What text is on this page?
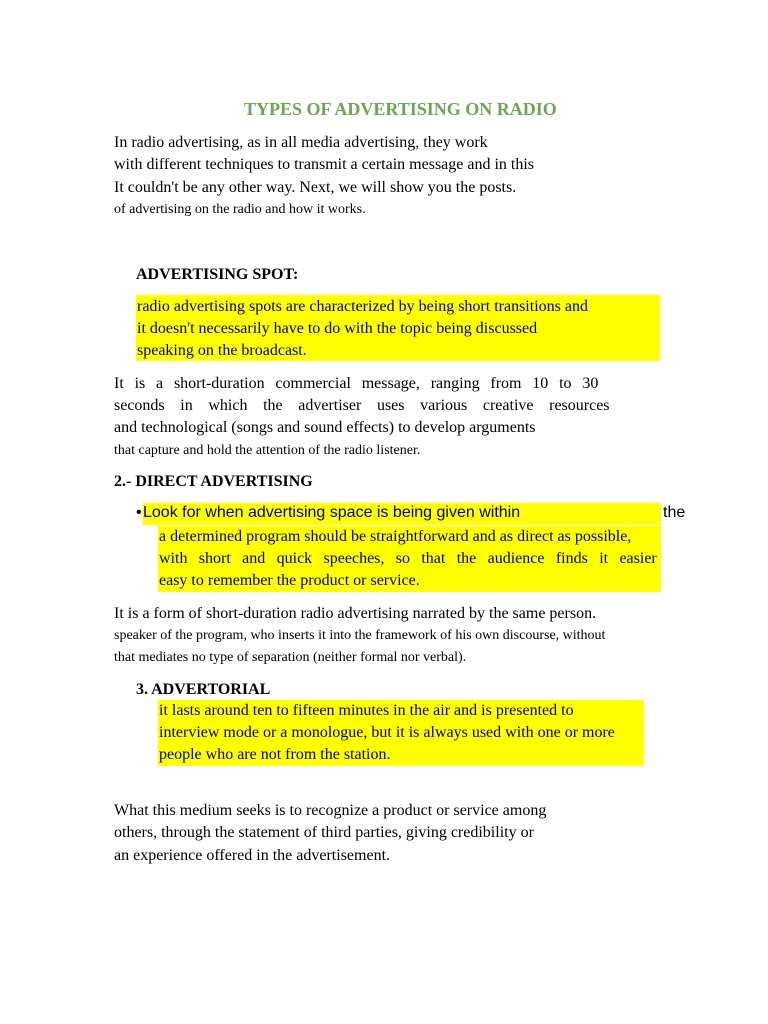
TYPES OF ADVERTISING ON RADIO
In radio advertising, as in all media advertising, they work
with different techniques to transmit a certain message and in this
It couldn't be any other way. Next, we will show you the posts.
of advertising on the radio and how it works.
ADVERTISING SPOT:
radio advertising spots are characterized by being short transitions and
it doesn't necessarily have to do with the topic being discussed
speaking on the broadcast.
It is a short-duration commercial message, ranging from 10 to 30
seconds in which the advertiser uses various creative resources
and technological (songs and sound effects) to develop arguments
that capture and hold the attention of the radio listener.
2.- DIRECT ADVERTISING
• Look for when advertising space is being given within	the
a determined program should be straightforward and as direct as possible,
with short and quick speeches, so that the audience finds it easier
easy to remember the product or service.
It is a form of short-duration radio advertising narrated by the same person.
speaker of the program, who inserts it into the framework of his own discourse, without
that mediates no type of separation (neither formal nor verbal).
3. ADVERTORIAL
it lasts around ten to fifteen minutes in the air and is presented to
interview mode or a monologue, but it is always used with one or more
people who are not from the station.
What this medium seeks is to recognize a product or service among
others, through the statement of third parties, giving credibility or
an experience offered in the advertisement.
